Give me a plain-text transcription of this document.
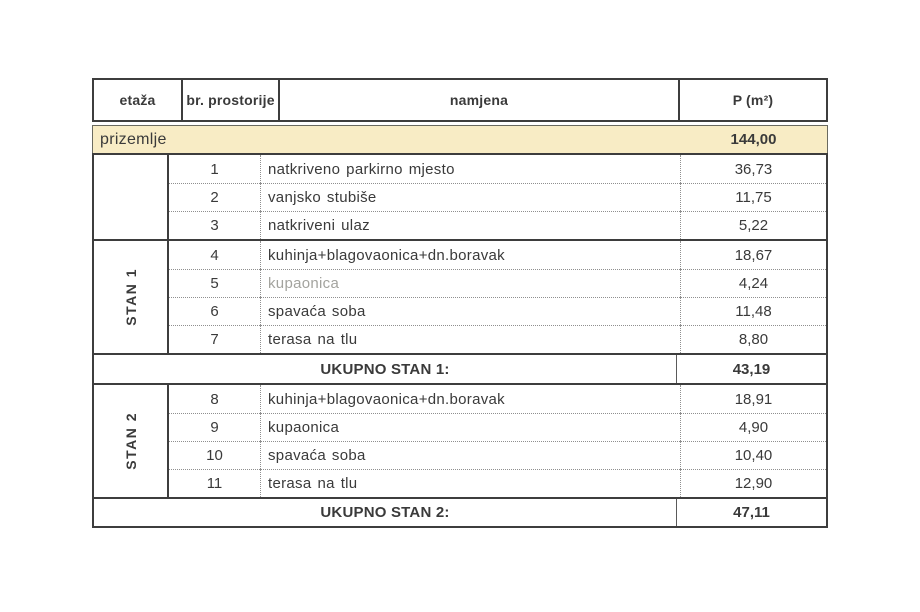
etaža	br. prostorije	namjena	P (m²)
prizemlje	144,00
1	natkriveno parkirno mjesto	36,73
2	vanjsko stubiše	11,75
3	natkriveni ulaz	5,22
STAN 1
4	kuhinja+blagovaonica+dn.boravak	18,67
5	kupaonica	4,24
6	spavaća soba	11,48
7	terasa na tlu	8,80
UKUPNO STAN 1:	43,19
STAN 2
8	kuhinja+blagovaonica+dn.boravak	18,91
9	kupaonica	4,90
10	spavaća soba	10,40
11	terasa na tlu	12,90
UKUPNO STAN 2:	47,11
